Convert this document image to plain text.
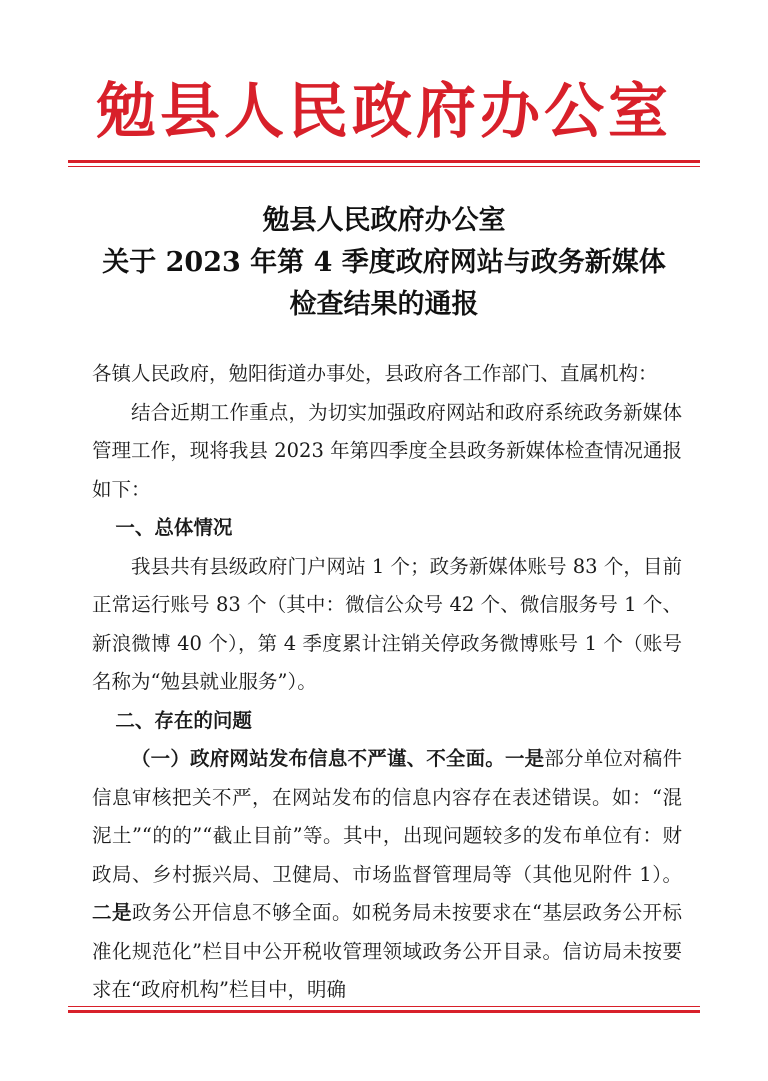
勉县人民政府办公室
勉县人民政府办公室
关于 2023 年第 4 季度政府网站与政务新媒体
检查结果的通报

各镇人民政府，勉阳街道办事处，县政府各工作部门、直属机构：

结合近期工作重点，为切实加强政府网站和政府系统政务新媒体管理工作，现将我县 2023 年第四季度全县政务新媒体检查情况通报如下：

一、总体情况

我县共有县级政府门户网站 1 个；政务新媒体账号 83 个，目前正常运行账号 83 个（其中：微信公众号 42 个、微信服务号 1 个、新浪微博 40 个），第 4 季度累计注销关停政务微博账号 1 个（账号名称为“勉县就业服务”）。

二、存在的问题

（一）政府网站发布信息不严谨、不全面。一是部分单位对稿件信息审核把关不严，在网站发布的信息内容存在表述错误。如：“混泥土”“的的”“截止目前”等。其中，出现问题较多的发布单位有：财政局、乡村振兴局、卫健局、市场监督管理局等（其他见附件 1）。二是政务公开信息不够全面。如税务局未按要求在“基层政务公开标准化规范化”栏目中公开税收管理领域政务公开目录。信访局未按要求在“政府机构”栏目中，明确
